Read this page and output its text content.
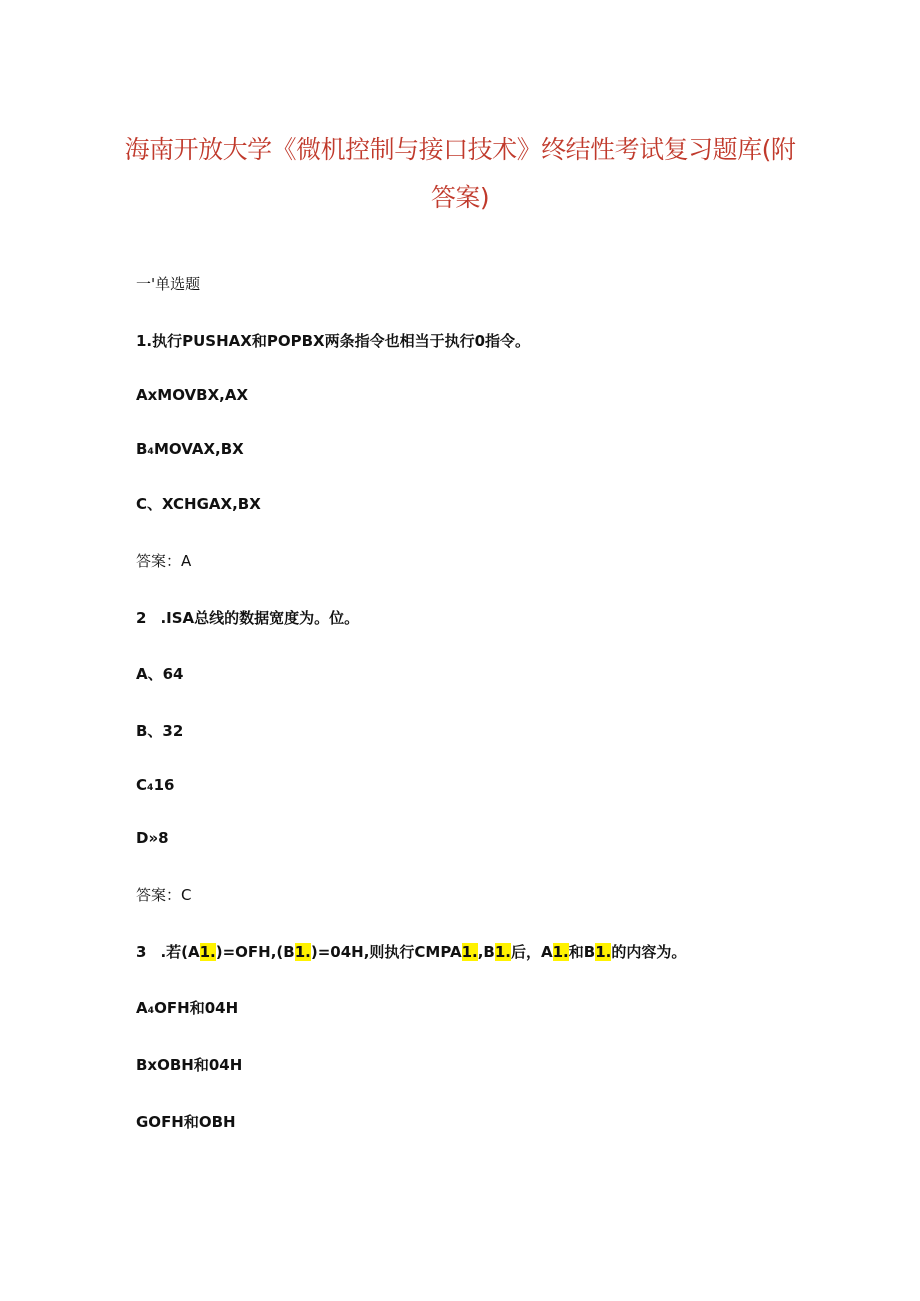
海南开放大学《微机控制与接口技术》终结性考试复习题库(附
答案)
一'单选题
1.执行PUSHAX和POPBX两条指令也相当于执行0指令。
AxMOVBX,AX
B₄MOVAX,BX
C、XCHGAX,BX
答案：A
2 .ISA总线的数据宽度为。位。
A、64
B、32
C₄16
D»8
答案：C
3 .若(A1.)=OFH,(B1.)=04H,则执行CMPA1.,B1.后，A1.和B1.的内容为。
A₄OFH和04H
BxOBH和04H
GOFH和OBH
